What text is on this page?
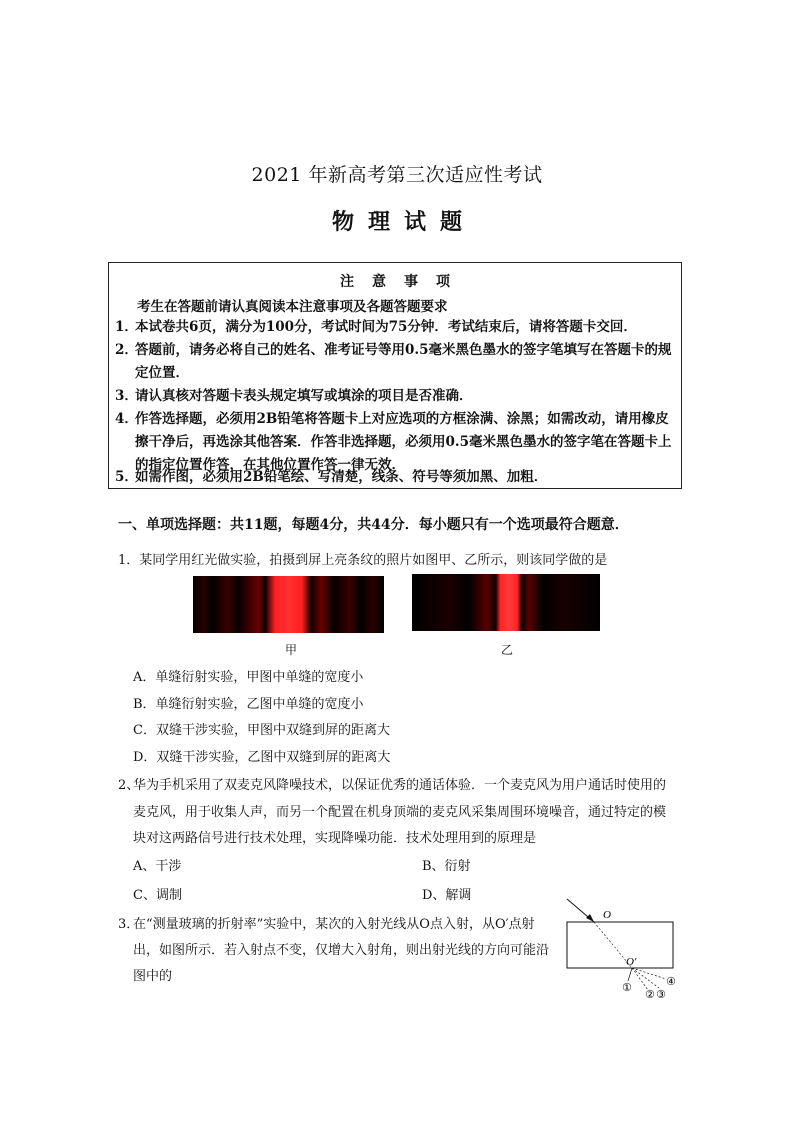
2021 年新高考第三次适应性考试
物理试题
注意事项
考生在答题前请认真阅读本注意事项及各题答题要求
1．
本试卷共6页，满分为100分，考试时间为75分钟．考试结束后，请将答题卡交回．
2．
答题前，请务必将自己的姓名、准考证号等用0.5毫米黑色墨水的签字笔填写在答题卡的规定位置．
3．
请认真核对答题卡表头规定填写或填涂的项目是否准确．
4．
作答选择题，必须用2B铅笔将答题卡上对应选项的方框涂满、涂黑；如需改动，请用橡皮擦干净后，再选涂其他答案．作答非选择题，必须用0.5毫米黑色墨水的签字笔在答题卡上的指定位置作答，在其他位置作答一律无效．
5．
如需作图，必须用2B铅笔绘、写清楚，线条、符号等须加黑、加粗．
一、单项选择题：共11题，每题4分，共44分．每小题只有一个选项最符合题意．
1．某同学用红光做实验，拍摄到屏上亮条纹的照片如图甲、乙所示，则该同学做的是
甲	乙
A．单缝衍射实验，甲图中单缝的宽度小
B．单缝衍射实验，乙图中单缝的宽度小
C．双缝干涉实验，甲图中双缝到屏的距离大
D．双缝干涉实验，乙图中双缝到屏的距离大
2、
华为手机采用了双麦克风降噪技术，以保证优秀的通话体验．一个麦克风为用户通话时使用的麦克风，用于收集人声，而另一个配置在机身顶端的麦克风采集周围环境噪音，通过特定的模块对这两路信号进行技术处理，实现降噪功能．技术处理用到的原理是
A、干涉	B、衍射
C、调制	D、解调
3．
在“测量玻璃的折射率”实验中，某次的入射光线从O点入射，从O′点射出，如图所示．若入射点不变，仅增大入射角，则出射光线的方向可能沿图中的
O
O′
①
② ③
④
